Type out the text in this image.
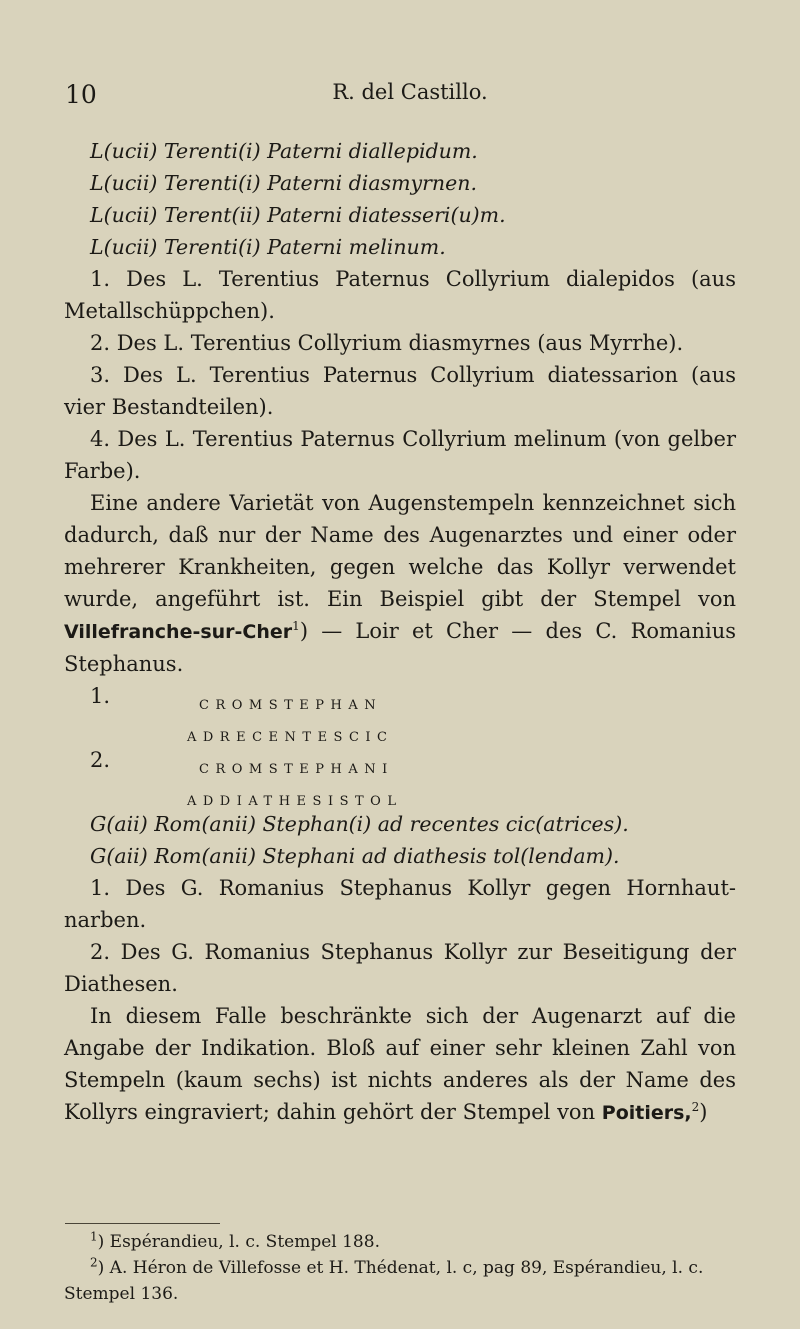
10	R. del Castillo.

L(ucii) Terenti(i) Paterni diallepidum.

L(ucii) Terenti(i) Paterni diasmyrnen.

L(ucii) Terent(ii) Paterni diatesseri(u)m.

L(ucii) Terenti(i) Paterni melinum.

1. Des L. Terentius Paternus Collyrium dialepidos (aus Metallschüppchen).

2. Des L. Terentius Collyrium diasmyrnes (aus Myrrhe).

3. Des L. Terentius Paternus Collyrium diatessarion (aus vier Bestandteilen).

4. Des L. Terentius Paternus Collyrium melinum (von gelber Farbe).

Eine andere Varietät von Augenstempeln kennzeichnet sich dadurch, daß nur der Name des Augenarztes und einer oder mehrerer Krankheiten, gegen welche das Kollyr verwendet wurde, angeführt ist. Ein Beispiel gibt der Stempel von Villefranche-sur-Cher$^1$) — Loir et Cher — des C. Romanius Stephanus.

1.	CROMSTEPHAN
ADRECENTESCIC
2.	CROMSTEPHANI
ADDIATHESISTOL

G(aii) Rom(anii) Stephan(i) ad recentes cic(atrices).

G(aii) Rom(anii) Stephani ad diathesis tol(lendam).

1. Des G. Romanius Stephanus Kollyr gegen Hornhautnarben.

2. Des G. Romanius Stephanus Kollyr zur Beseitigung der Diathesen.

In diesem Falle beschränkte sich der Augenarzt auf die Angabe der Indikation. Bloß auf einer sehr kleinen Zahl von Stempeln (kaum sechs) ist nichts anderes als der Name des Kollyrs eingraviert; dahin gehört der Stempel von Poitiers,$^2$)

$^1$) Espérandieu, l. c. Stempel 188.

$^2$) A. Héron de Villefosse et H. Thédenat, l. c, pag 89, Espérandieu, l. c. Stempel 136.
